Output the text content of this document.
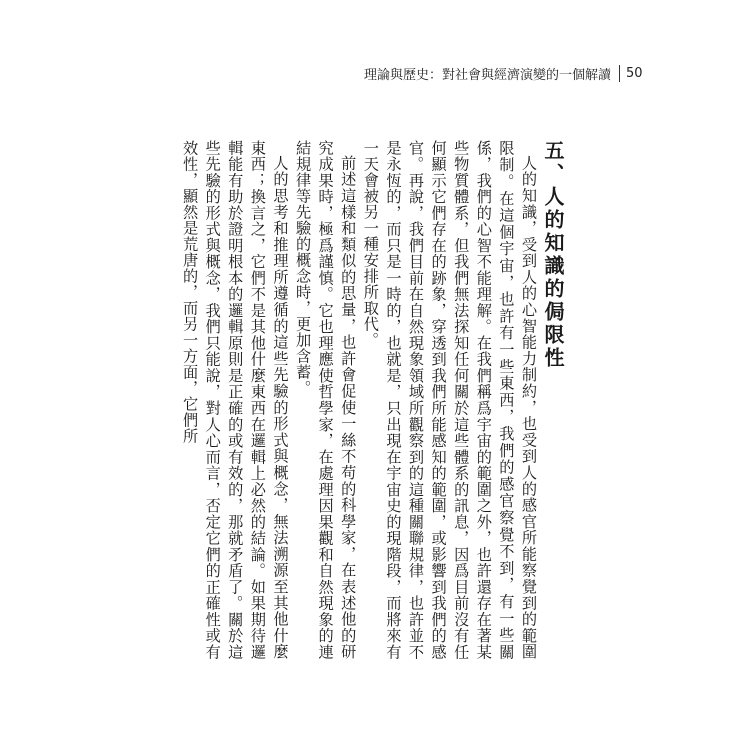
理論與歷史：對社會與經濟演變的一個解讀 50
五、人的知識的侷限性

人的知識，受到人的心智能力制約，也受到人的感官所能察覺到的範圍限制。在這個宇宙，也許有一些東西，我們的感官察覺不到，有一些關係，我們的心智不能理解。在我們稱爲宇宙的範圍之外，也許還存在著某些物質體系，但我們無法探知任何關於這些體系的訊息，因爲目前沒有任何顯示它們存在的跡象，穿透到我們所能感知的範圍，或影響到我們的感官。再說，我們目前在自然現象領域所觀察到的這種關聯規律，也許並不是永恆的，而只是一時的，也就是，只出現在宇宙史的現階段，而將來有一天會被另一種安排所取代。

前述這樣和類似的思量，也許會促使一絲不苟的科學家，在表述他的研究成果時，極爲謹慎。它也理應使哲學家，在處理因果觀和自然現象的連結規律等先驗的概念時，更加含蓄。

人的思考和推理所遵循的這些先驗的形式與概念，無法溯源至其他什麼東西；換言之，它們不是其他什麼東西在邏輯上必然的結論。如果期待邏輯能有助於證明根本的邏輯原則是正確的或有效的，那就矛盾了。關於這些先驗的形式與概念，我們只能說，對人心而言，否定它們的正確性或有效性，顯然是荒唐的，而另一方面，它們所
